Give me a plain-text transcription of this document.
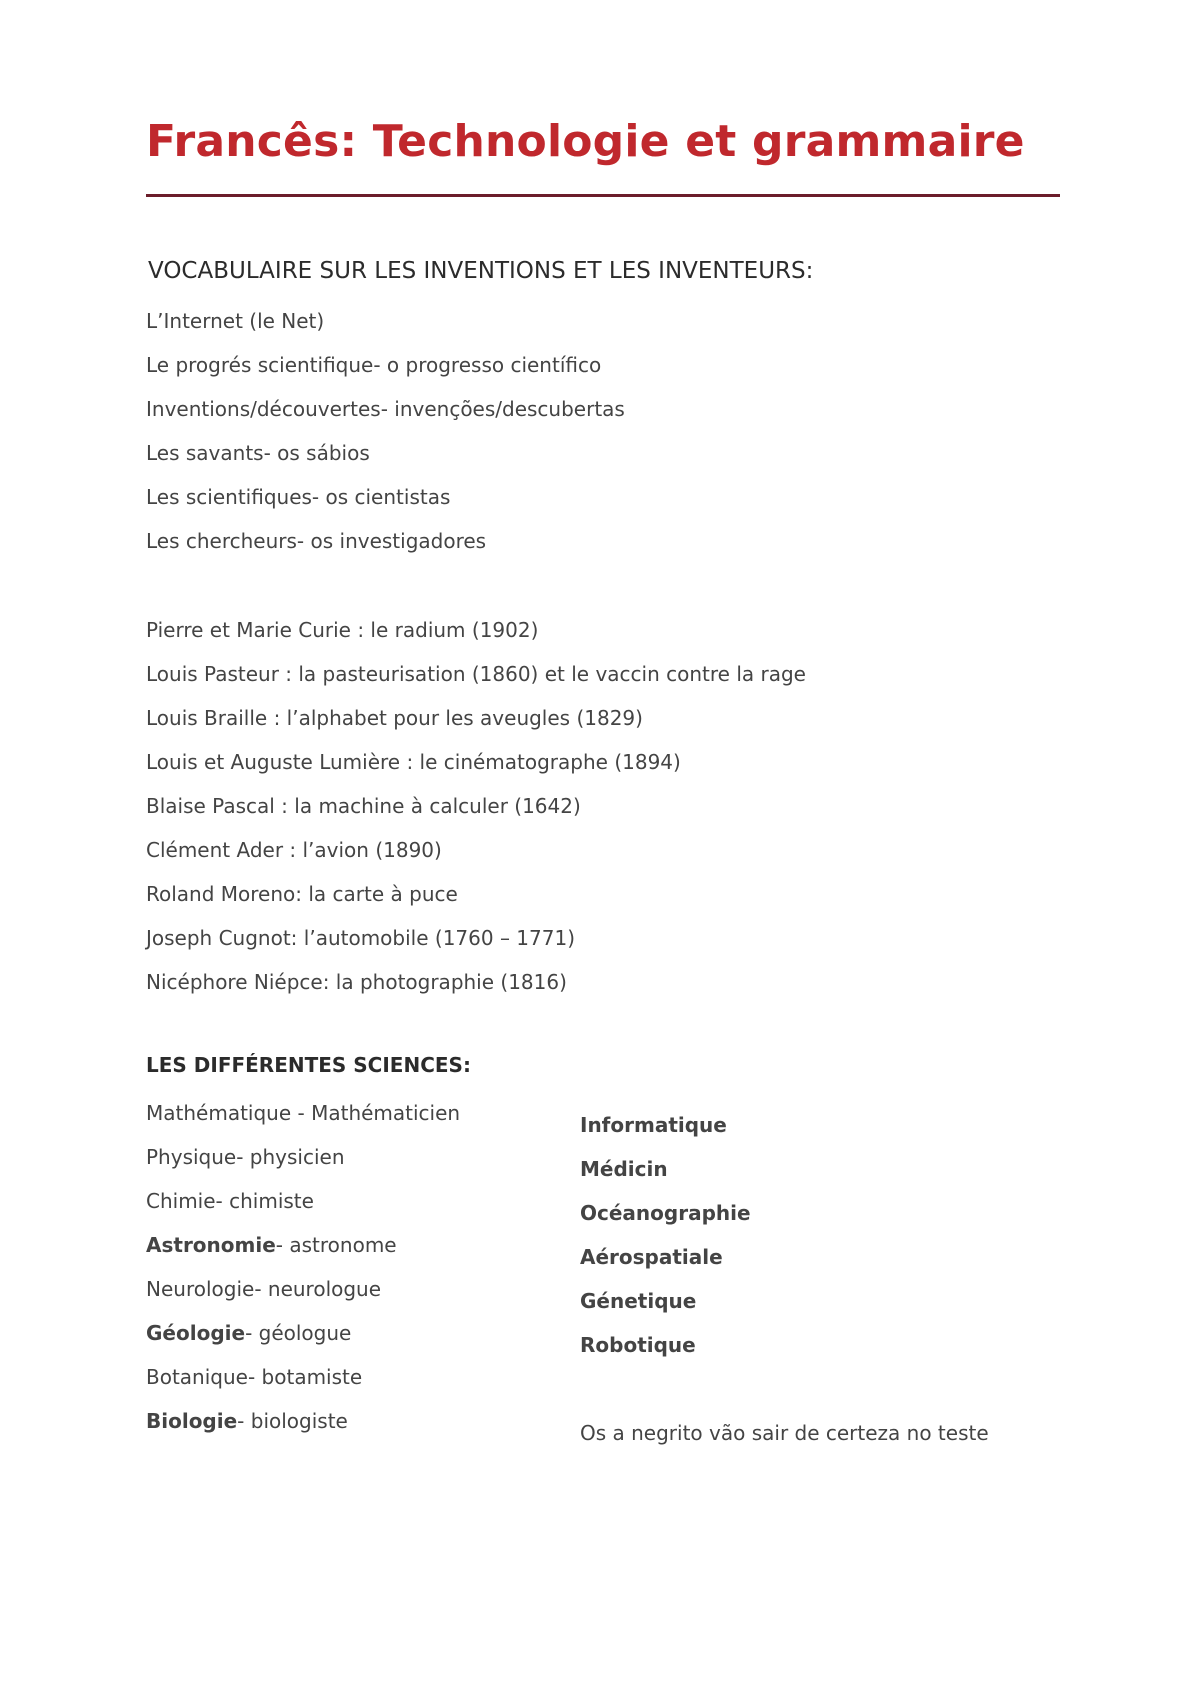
Francês: Technologie et grammaire
VOCABULAIRE SUR LES INVENTIONS ET LES INVENTEURS:
L’Internet (le Net)
Le progrés scientifique- o progresso científico
Inventions/découvertes- invenções/descubertas
Les savants- os sábios
Les scientifiques- os cientistas
Les chercheurs- os investigadores
Pierre et Marie Curie : le radium (1902)
Louis Pasteur : la pasteurisation (1860) et le vaccin contre la rage
Louis Braille : l’alphabet pour les aveugles (1829)
Louis et Auguste Lumière : le cinématographe (1894)
Blaise Pascal : la machine à calculer (1642)
Clément Ader : l’avion (1890)
Roland Moreno: la carte à puce
Joseph Cugnot: l’automobile (1760 – 1771)
Nicéphore Niépce: la photographie (1816)
LES DIFFÉRENTES SCIENCES:
Mathématique - Mathématicien
Physique- physicien
Chimie- chimiste
Astronomie- astronome
Neurologie- neurologue
Géologie- géologue
Botanique- botamiste
Biologie- biologiste
Informatique
Médicin
Océanographie
Aérospatiale
Génetique
Robotique
Os a negrito vão sair de certeza no teste
